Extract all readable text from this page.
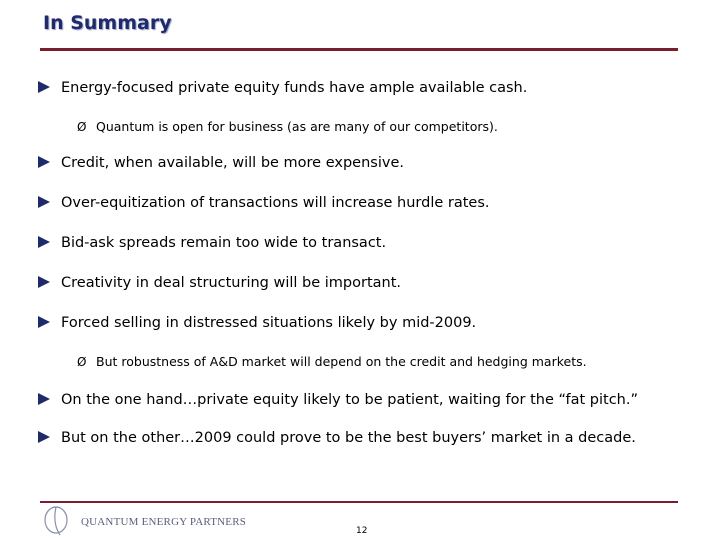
In Summary
Energy-focused private equity funds have ample available cash.
Ø Quantum is open for business (as are many of our competitors).
Credit, when available, will be more expensive.
Over-equitization of transactions will increase hurdle rates.
Bid-ask spreads remain too wide to transact.
Creativity in deal structuring will be important.
Forced selling in distressed situations likely by mid-2009.
Ø But robustness of A&D market will depend on the credit and hedging markets.
On the one hand…private equity likely to be patient, waiting for the “fat pitch.”
But on the other…2009 could prove to be the best buyers’ market in a decade.
QUANTUM ENERGY PARTNERS
12
